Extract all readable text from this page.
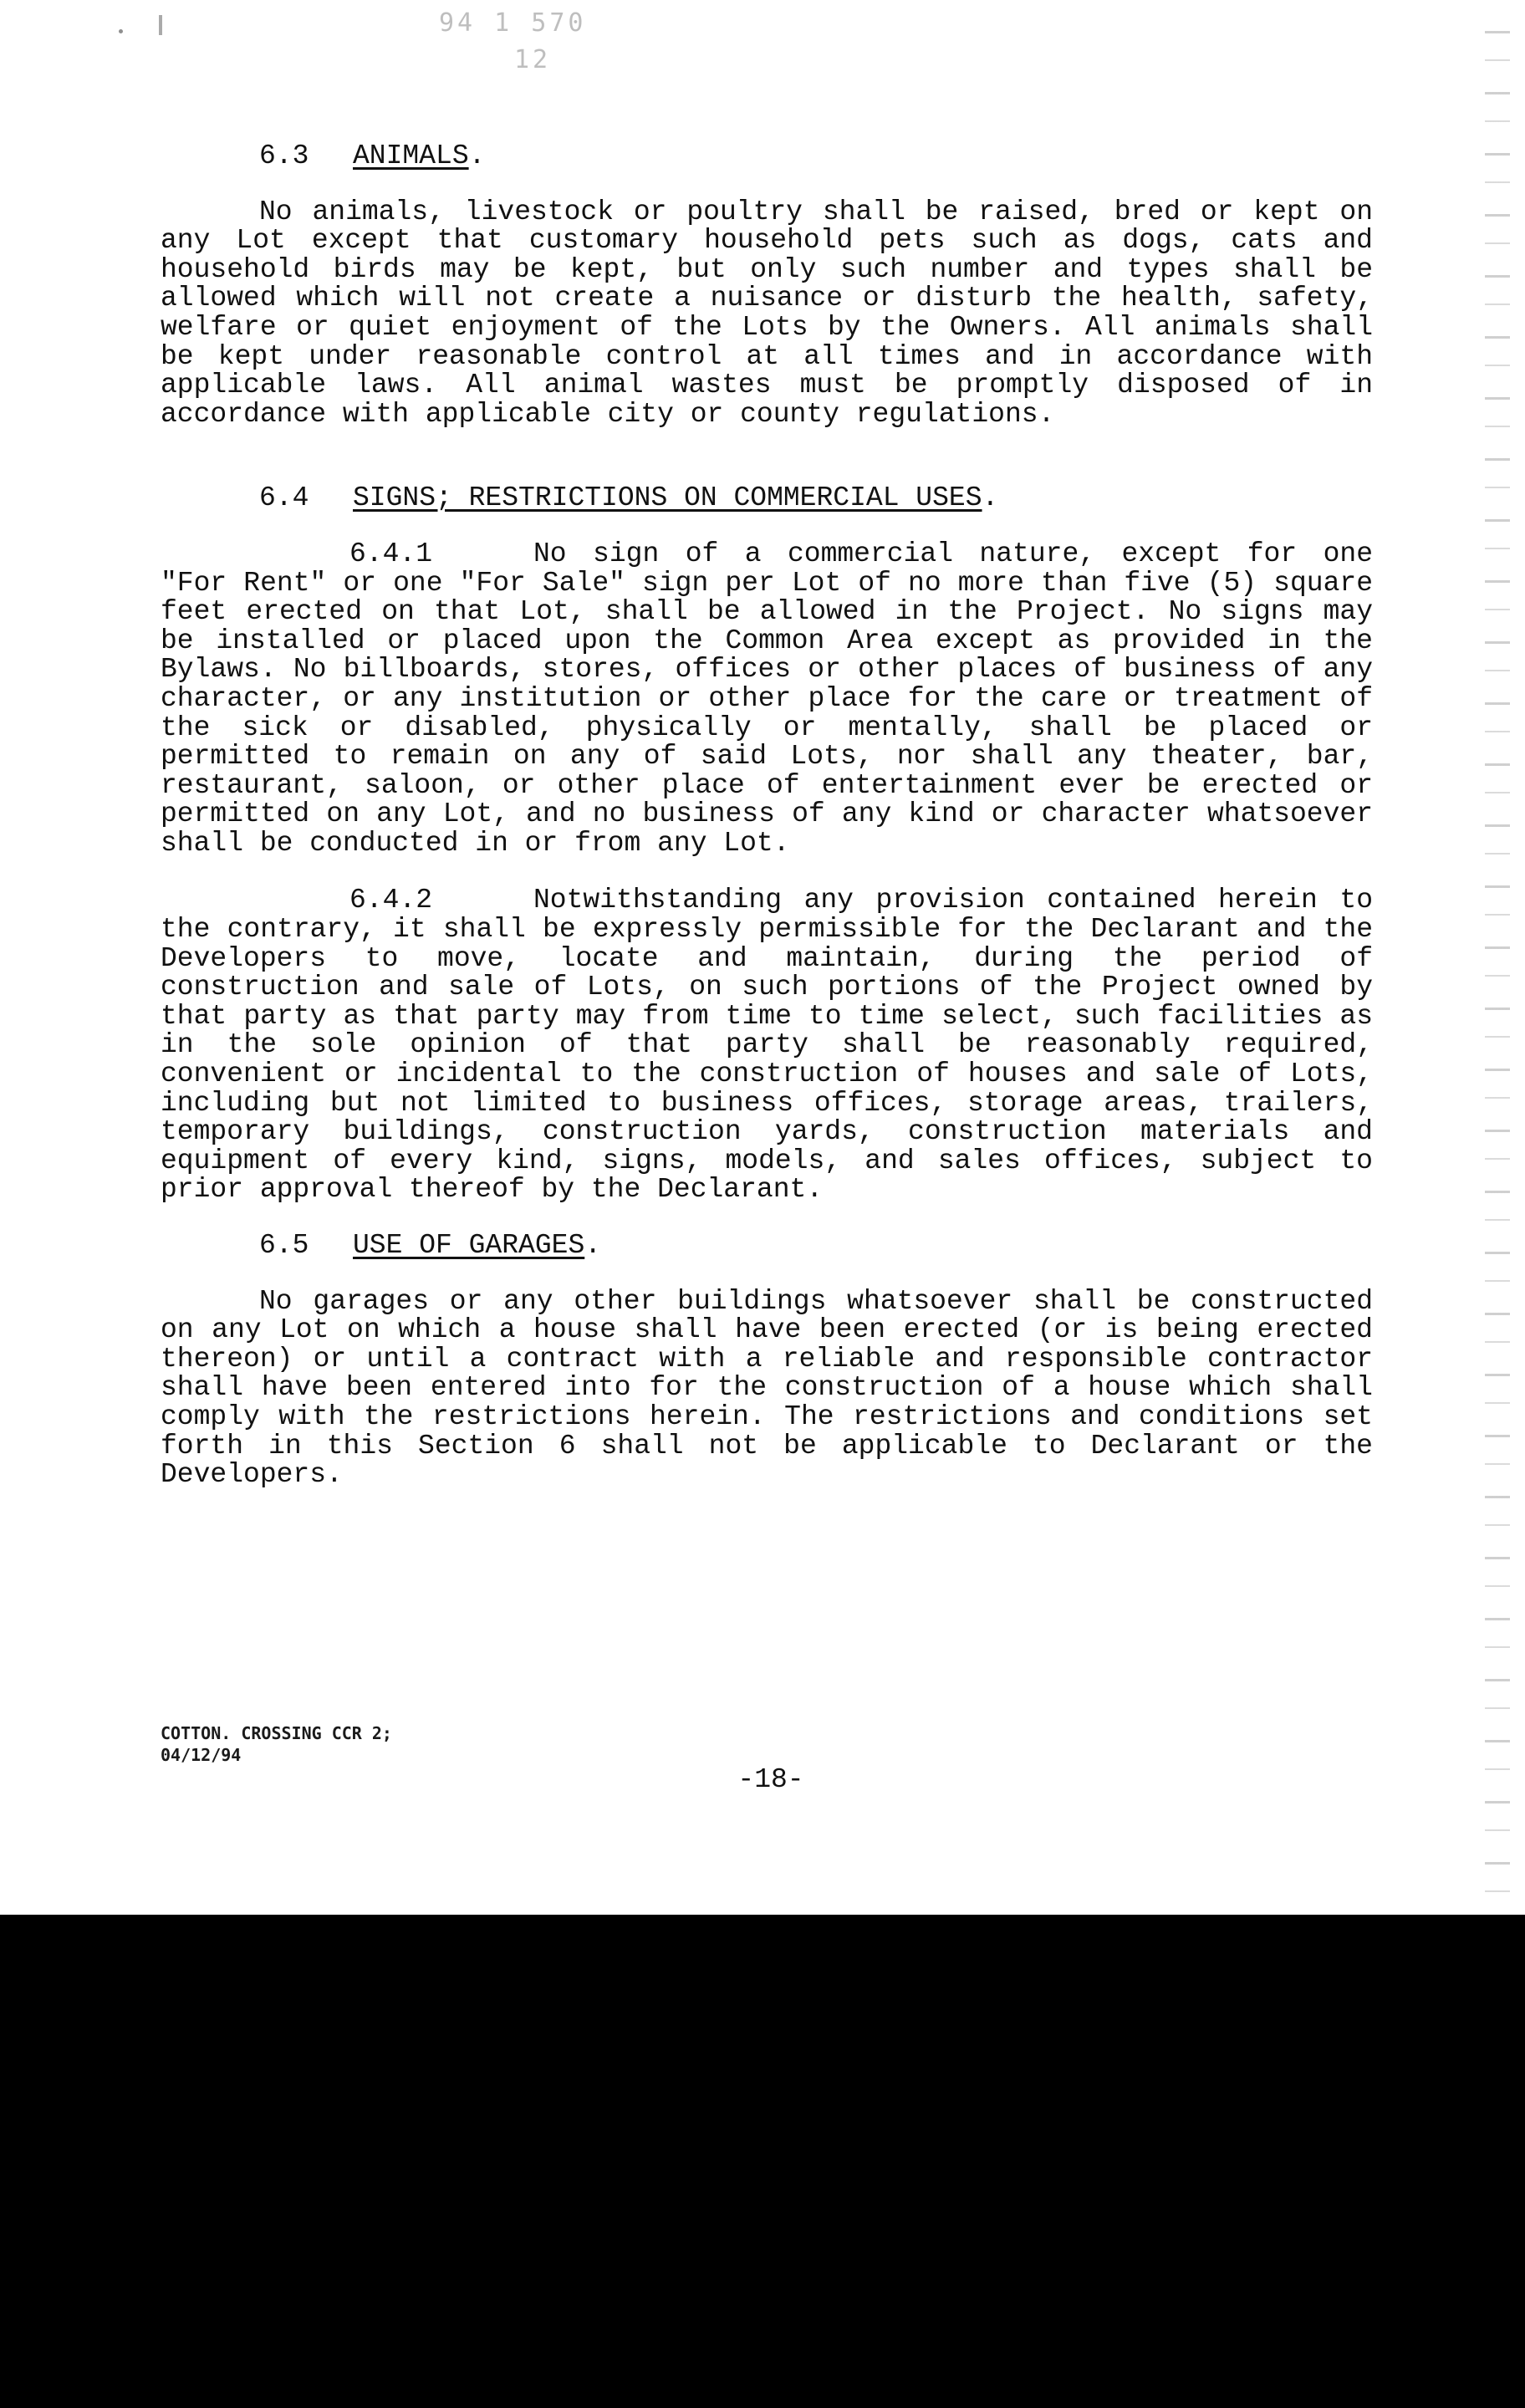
94 1 570
12

6.3 ANIMALS.

No animals, livestock or poultry shall be raised, bred or kept on any Lot except that customary household pets such as dogs, cats and household birds may be kept, but only such number and types shall be allowed which will not create a nuisance or disturb the health, safety, welfare or quiet enjoyment of the Lots by the Owners. All animals shall be kept under reasonable control at all times and in accordance with applicable laws. All animal wastes must be promptly disposed of in accordance with applicable city or county regulations.

6.4 SIGNS; RESTRICTIONS ON COMMERCIAL USES.

6.4.1	No sign of a commercial nature, except for one "For Rent" or one "For Sale" sign per Lot of no more than five (5) square feet erected on that Lot, shall be allowed in the Project. No signs may be installed or placed upon the Common Area except as provided in the Bylaws. No billboards, stores, offices or other places of business of any character, or any institution or other place for the care or treatment of the sick or disabled, physically or mentally, shall be placed or permitted to remain on any of said Lots, nor shall any theater, bar, restaurant, saloon, or other place of entertainment ever be erected or permitted on any Lot, and no business of any kind or character whatsoever shall be conducted in or from any Lot.

6.4.2	Notwithstanding any provision contained herein to the contrary, it shall be expressly permissible for the Declarant and the Developers to move, locate and maintain, during the period of construction and sale of Lots, on such portions of the Project owned by that party as that party may from time to time select, such facilities as in the sole opinion of that party shall be reasonably required, convenient or incidental to the construction of houses and sale of Lots, including but not limited to business offices, storage areas, trailers, temporary buildings, construction yards, construction materials and equipment of every kind, signs, models, and sales offices, subject to prior approval thereof by the Declarant.

6.5 USE OF GARAGES.

No garages or any other buildings whatsoever shall be constructed on any Lot on which a house shall have been erected (or is being erected thereon) or until a contract with a reliable and responsible contractor shall have been entered into for the construction of a house which shall comply with the restrictions herein. The restrictions and conditions set forth in this Section 6 shall not be applicable to Declarant or the Developers.

COTTON. CROSSING CCR 2;
04/12/94
-18-
